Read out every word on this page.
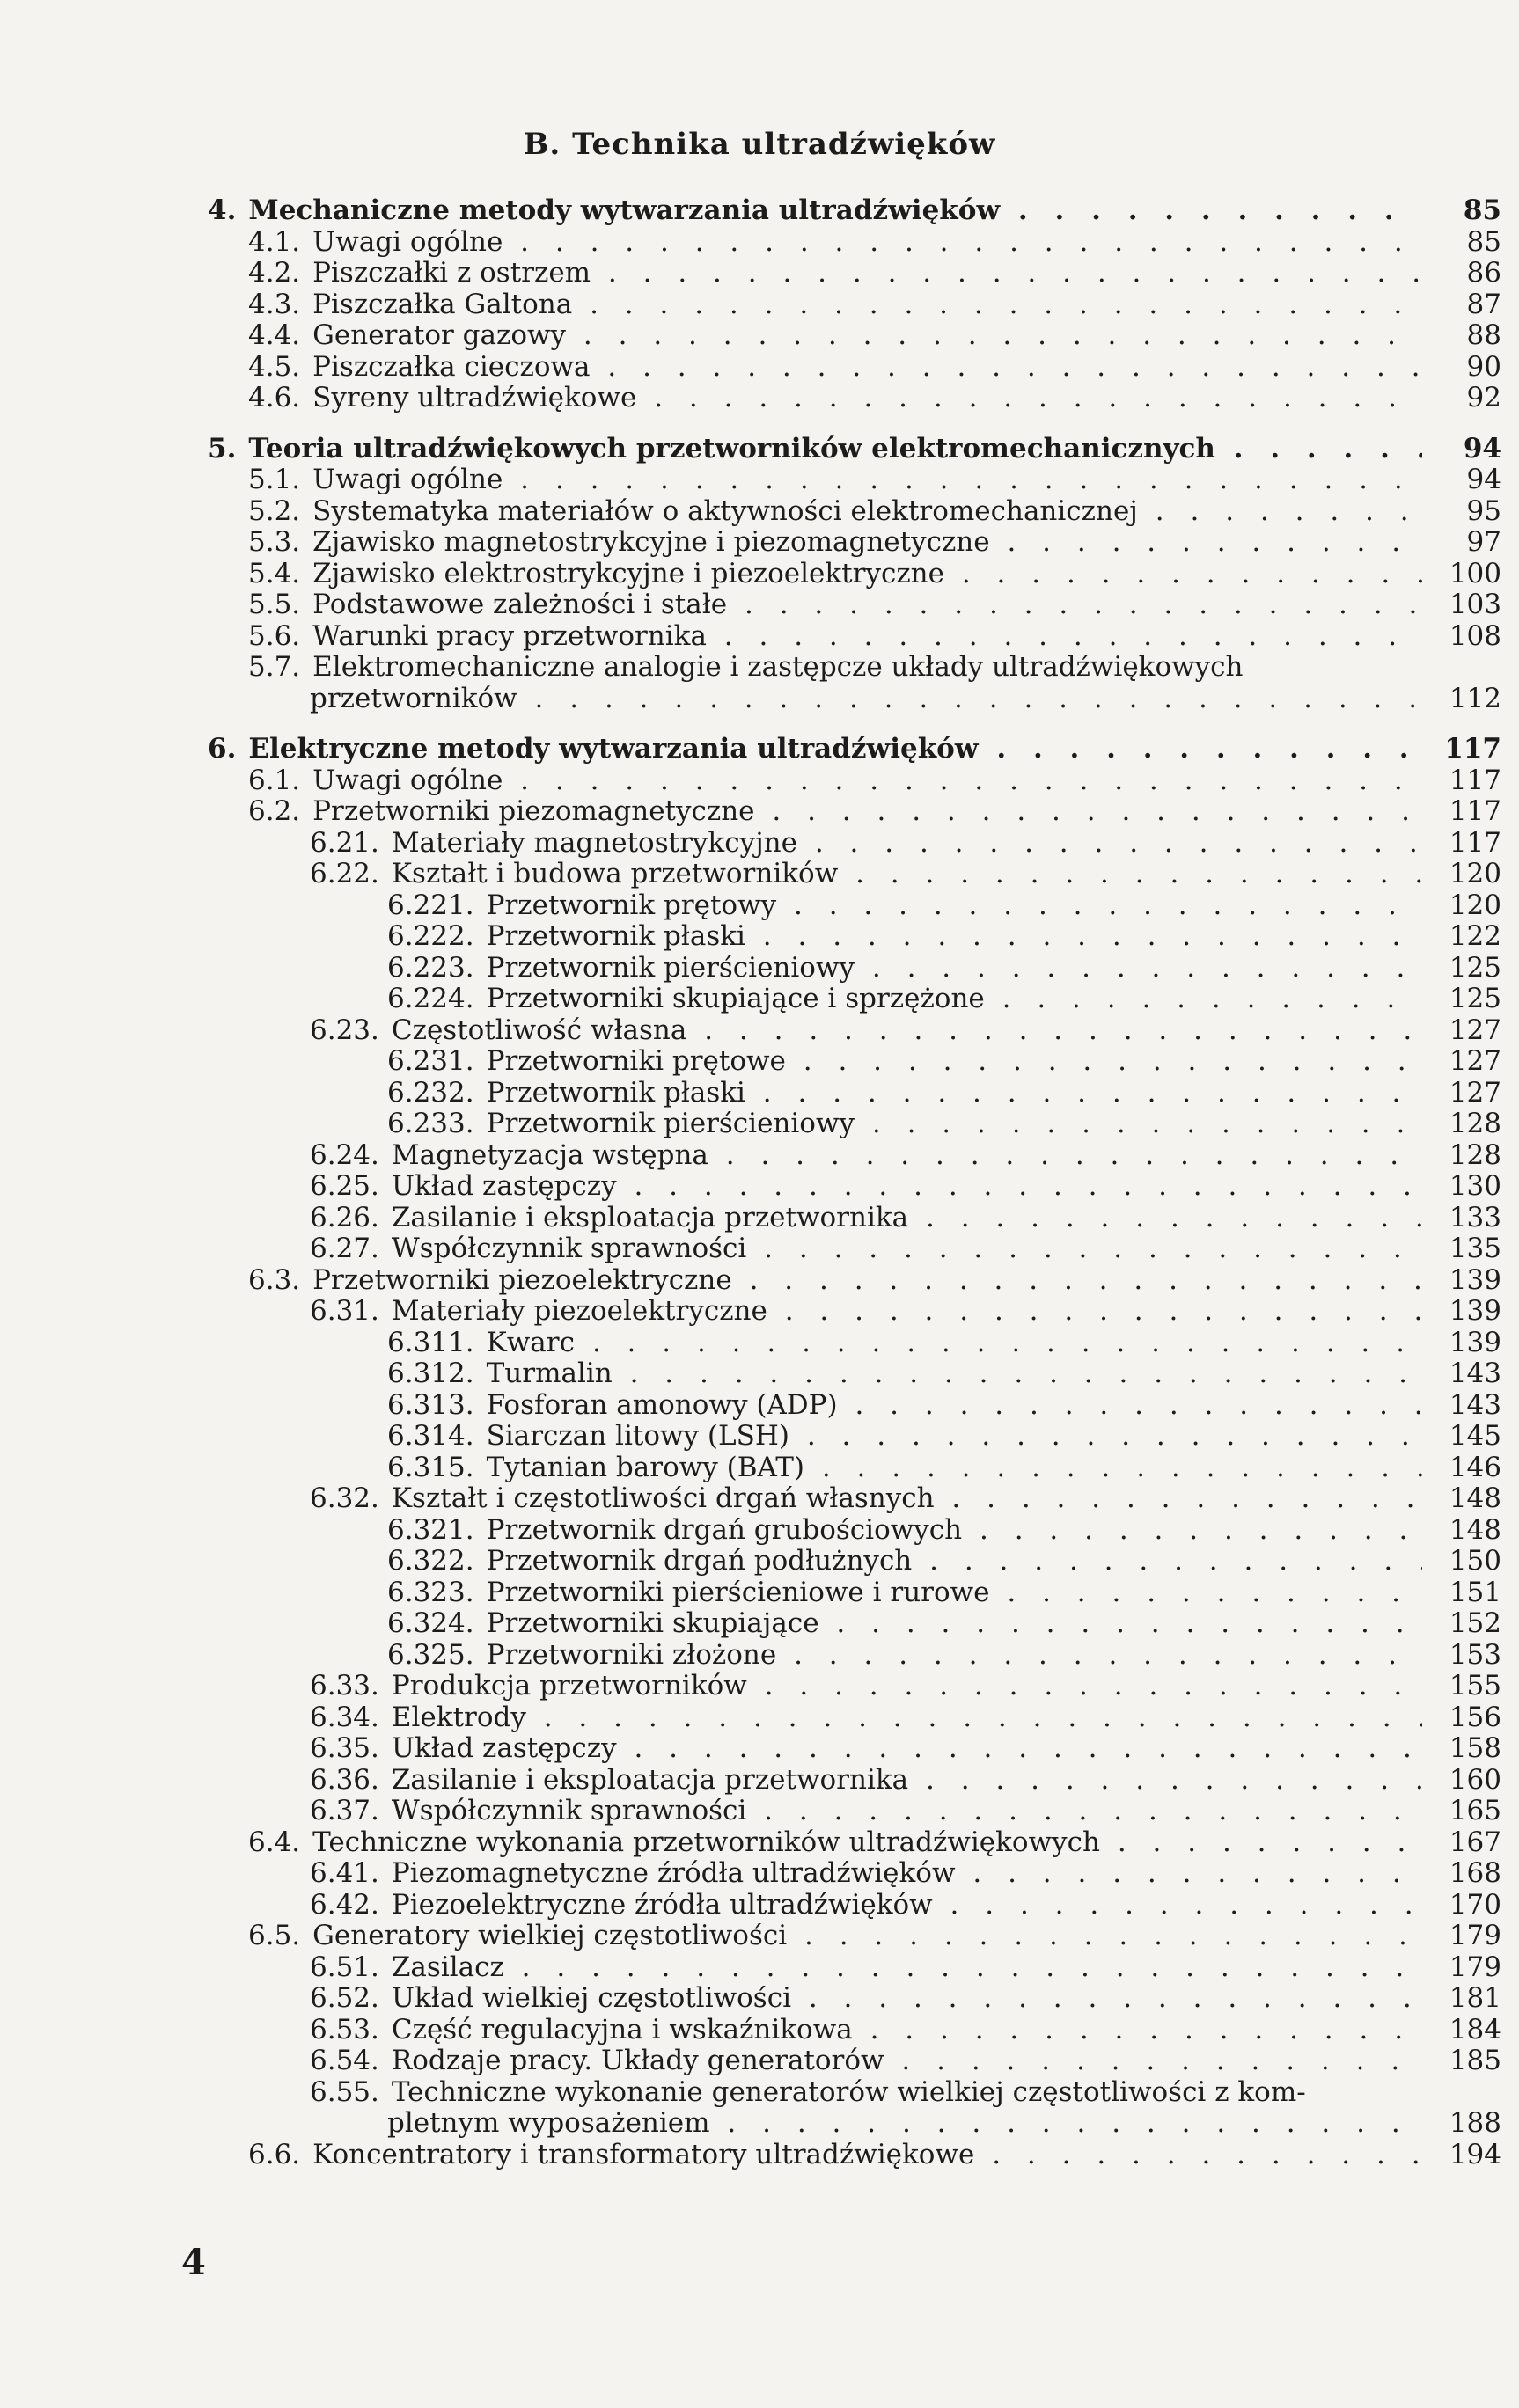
B. Technika ultradźwięków
4. Mechaniczne metody wytwarzania ultradźwięków . . .	85
4.1. Uwagi ogólne . . .	85
4.2. Piszczałki z ostrzem . . .	86
4.3. Piszczałka Galtona . . .	87
4.4. Generator gazowy . . .	88
4.5. Piszczałka cieczowa . . .	90
4.6. Syreny ultradźwiękowe . . .	92
5. Teoria ultradźwiękowych przetworników elektromechanicznych . . .	94
5.1. Uwagi ogólne . . .	94
5.2. Systematyka materiałów o aktywności elektromechanicznej . . .	95
5.3. Zjawisko magnetostrykcyjne i piezomagnetyczne . . .	97
5.4. Zjawisko elektrostrykcyjne i piezoelektryczne . . .	100
5.5. Podstawowe zależności i stałe . . .	103
5.6. Warunki pracy przetwornika . . .	108
5.7. Elektromechaniczne analogie i zastępcze układy ultradźwiękowych
przetworników . . .	112
6. Elektryczne metody wytwarzania ultradźwięków . . .	117
6.1. Uwagi ogólne . . .	117
6.2. Przetworniki piezomagnetyczne . . .	117
6.21. Materiały magnetostrykcyjne . . .	117
6.22. Kształt i budowa przetworników . . .	120
6.221. Przetwornik prętowy . . .	120
6.222. Przetwornik płaski . . .	122
6.223. Przetwornik pierścieniowy . . .	125
6.224. Przetworniki skupiające i sprzężone . . .	125
6.23. Częstotliwość własna . . .	127
6.231. Przetworniki prętowe . . .	127
6.232. Przetwornik płaski . . .	127
6.233. Przetwornik pierścieniowy . . .	128
6.24. Magnetyzacja wstępna . . .	128
6.25. Układ zastępczy . . .	130
6.26. Zasilanie i eksploatacja przetwornika . . .	133
6.27. Współczynnik sprawności . . .	135
6.3. Przetworniki piezoelektryczne . . .	139
6.31. Materiały piezoelektryczne . . .	139
6.311. Kwarc . . .	139
6.312. Turmalin . . .	143
6.313. Fosforan amonowy (ADP) . . .	143
6.314. Siarczan litowy (LSH) . . .	145
6.315. Tytanian barowy (BAT) . . .	146
6.32. Kształt i częstotliwości drgań własnych . . .	148
6.321. Przetwornik drgań grubościowych . . .	148
6.322. Przetwornik drgań podłużnych . . .	150
6.323. Przetworniki pierścieniowe i rurowe . . .	151
6.324. Przetworniki skupiające . . .	152
6.325. Przetworniki złożone . . .	153
6.33. Produkcja przetworników . . .	155
6.34. Elektrody . . .	156
6.35. Układ zastępczy . . .	158
6.36. Zasilanie i eksploatacja przetwornika . . .	160
6.37. Współczynnik sprawności . . .	165
6.4. Techniczne wykonania przetworników ultradźwiękowych . . .	167
6.41. Piezomagnetyczne źródła ultradźwięków . . .	168
6.42. Piezoelektryczne źródła ultradźwięków . . .	170
6.5. Generatory wielkiej częstotliwości . . .	179
6.51. Zasilacz . . .	179
6.52. Układ wielkiej częstotliwości . . .	181
6.53. Część regulacyjna i wskaźnikowa . . .	184
6.54. Rodzaje pracy. Układy generatorów . . .	185
6.55. Techniczne wykonanie generatorów wielkiej częstotliwości z kom-
pletnym wyposażeniem . . .	188
6.6. Koncentratory i transformatory ultradźwiękowe . . .	194
4
